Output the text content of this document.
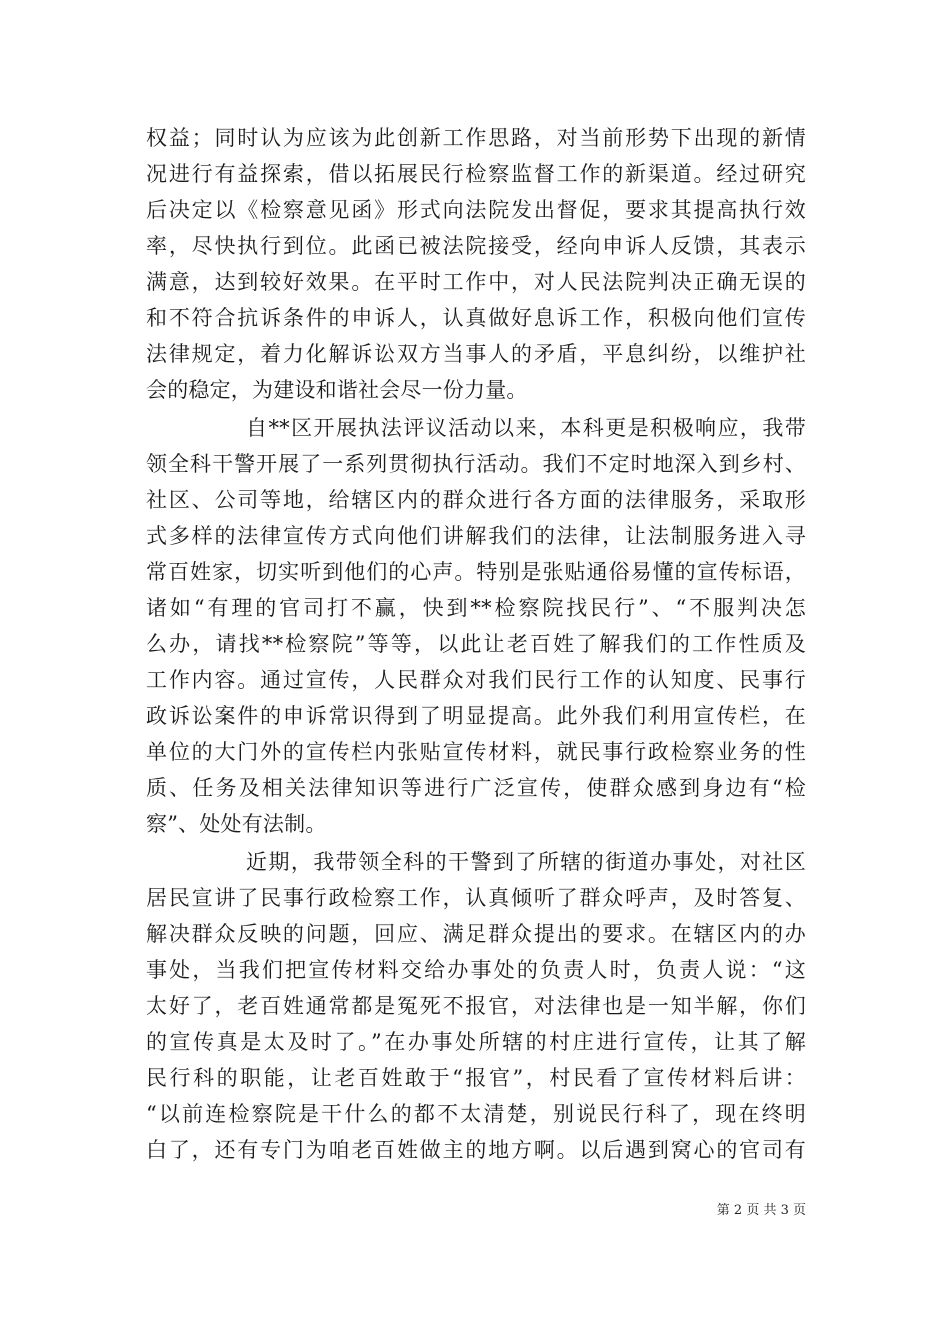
权益；同时认为应该为此创新工作思路，对当前形势下出现的新情
况进行有益探索，借以拓展民行检察监督工作的新渠道。经过研究
后决定以《检察意见函》形式向法院发出督促，要求其提高执行效
率，尽快执行到位。此函已被法院接受，经向申诉人反馈，其表示
满意，达到较好效果。在平时工作中，对人民法院判决正确无误的
和不符合抗诉条件的申诉人，认真做好息诉工作，积极向他们宣传
法律规定，着力化解诉讼双方当事人的矛盾，平息纠纷，以维护社
会的稳定，为建设和谐社会尽一份力量。
自**区开展执法评议活动以来，本科更是积极响应，我带
领全科干警开展了一系列贯彻执行活动。我们不定时地深入到乡村、
社区、公司等地，给辖区内的群众进行各方面的法律服务，采取形
式多样的法律宣传方式向他们讲解我们的法律，让法制服务进入寻
常百姓家，切实听到他们的心声。特别是张贴通俗易懂的宣传标语，
诸如“有理的官司打不赢，快到**检察院找民行”、“不服判决怎
么办，请找**检察院”等等，以此让老百姓了解我们的工作性质及
工作内容。通过宣传，人民群众对我们民行工作的认知度、民事行
政诉讼案件的申诉常识得到了明显提高。此外我们利用宣传栏，在
单位的大门外的宣传栏内张贴宣传材料，就民事行政检察业务的性
质、任务及相关法律知识等进行广泛宣传，使群众感到身边有“检
察”、处处有法制。
近期，我带领全科的干警到了所辖的街道办事处，对社区
居民宣讲了民事行政检察工作，认真倾听了群众呼声，及时答复、
解决群众反映的问题，回应、满足群众提出的要求。在辖区内的办
事处，当我们把宣传材料交给办事处的负责人时，负责人说：“这
太好了，老百姓通常都是冤死不报官，对法律也是一知半解，你们
的宣传真是太及时了。”在办事处所辖的村庄进行宣传，让其了解
民行科的职能，让老百姓敢于“报官”，村民看了宣传材料后讲：
“以前连检察院是干什么的都不太清楚，别说民行科了，现在终明
白了，还有专门为咱老百姓做主的地方啊。以后遇到窝心的官司有
第 2 页 共 3 页
